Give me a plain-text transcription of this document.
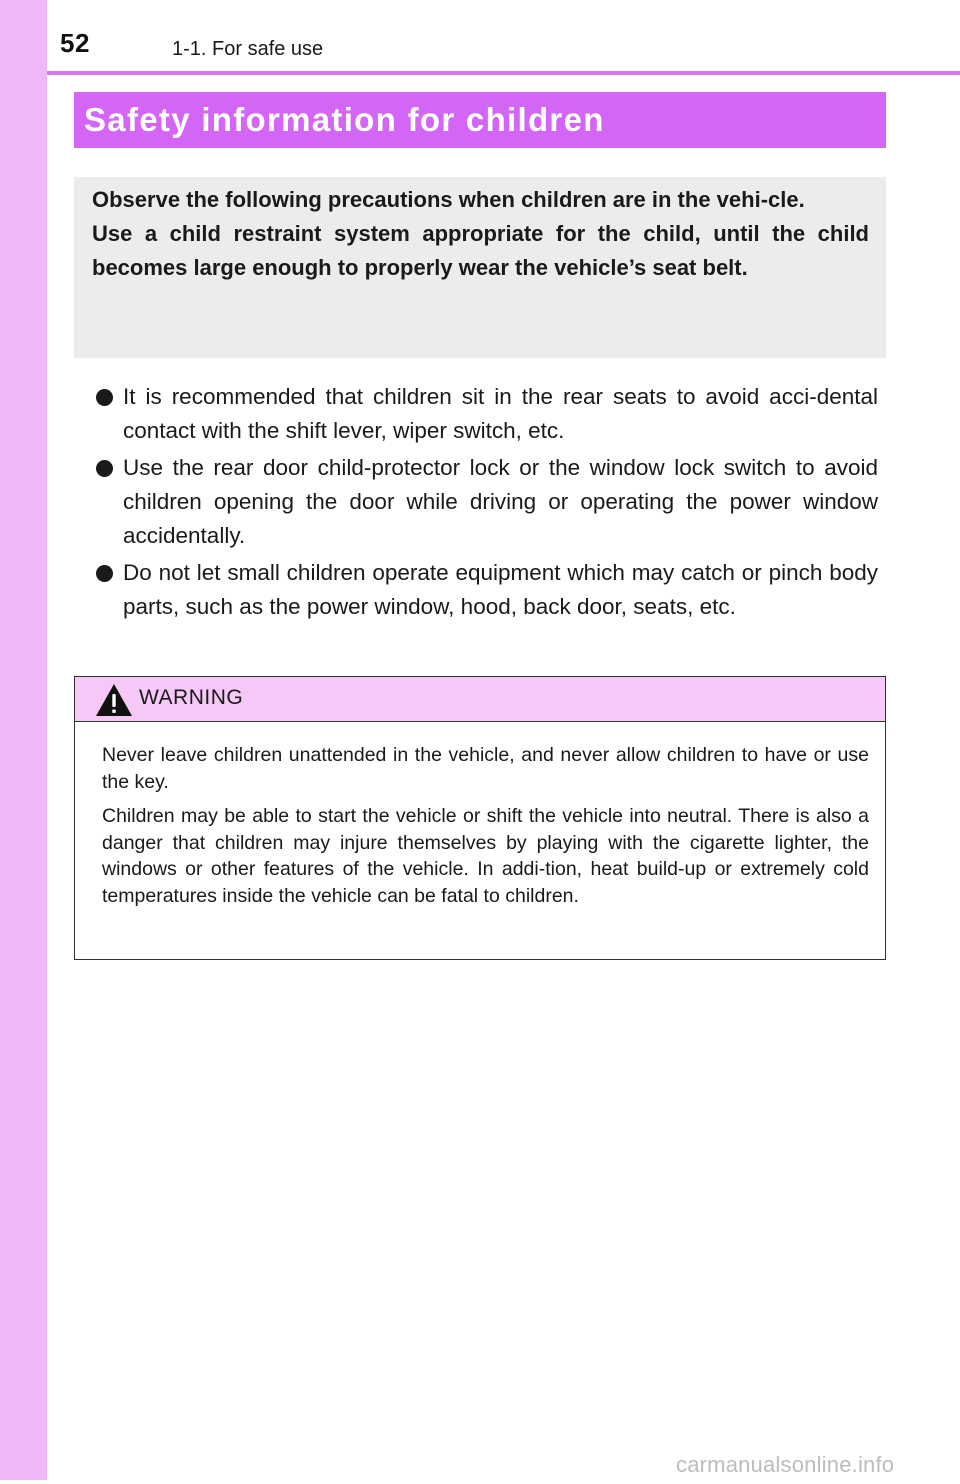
52	1-1. For safe use
Safety information for children

Observe the following precautions when children are in the vehi-cle.

Use a child restraint system appropriate for the child, until the child becomes large enough to properly wear the vehicle’s seat belt.

It is recommended that children sit in the rear seats to avoid acci-dental contact with the shift lever, wiper switch, etc.
Use the rear door child-protector lock or the window lock switch to avoid children opening the door while driving or operating the power window accidentally.
Do not let small children operate equipment which may catch or pinch body parts, such as the power window, hood, back door, seats, etc.
WARNING

Never leave children unattended in the vehicle, and never allow children to have or use the key.

Children may be able to start the vehicle or shift the vehicle into neutral. There is also a danger that children may injure themselves by playing with the cigarette lighter, the windows or other features of the vehicle. In addi-tion, heat build-up or extremely cold temperatures inside the vehicle can be fatal to children.

carmanualsonline.info
